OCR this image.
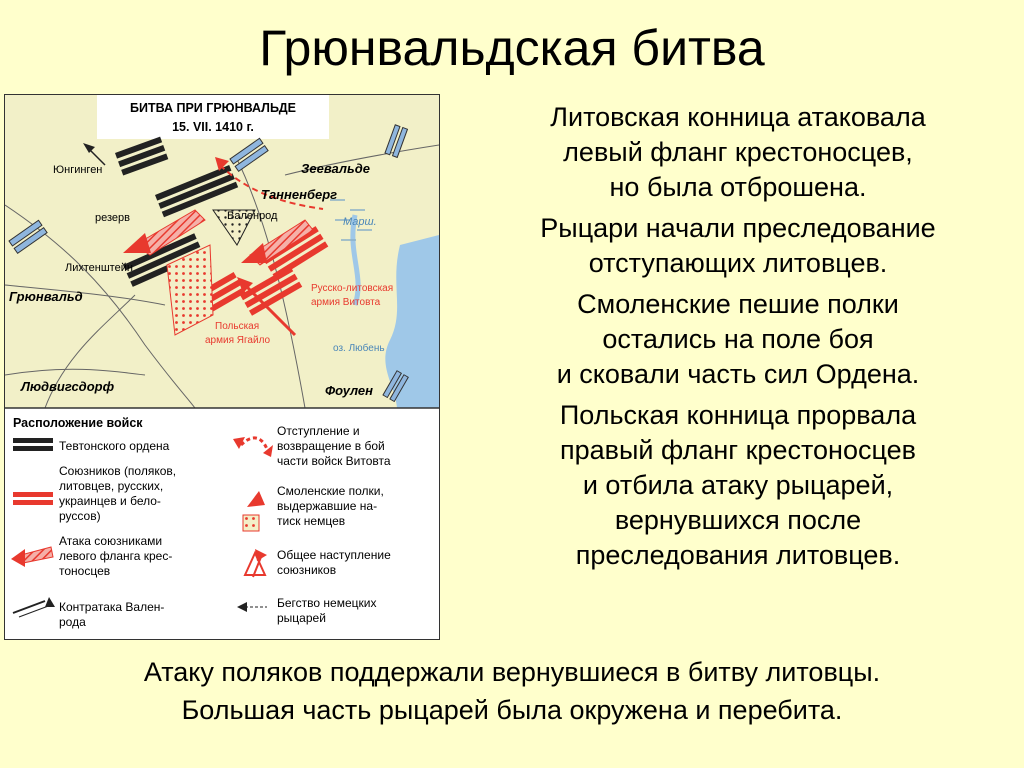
Грюнвальдская битва
БИТВА ПРИ ГРЮНВАЛЬДЕ
15. VII. 1410 г.
Юнгинген
резерв
Лихтенштейн
Грюнвальд
Людвигсдорф
Зеевальде
Танненберг
Валенрод	Марш.
Русско-литовская
армия Витовта
Польская
армия Ягайло
оз. Любень
Фоулен
Расположение войск
Тевтонского ордена
Союзников (поляков,
литовцев, русских,
украинцев и бело-
руссов)
Атака союзниками
левого фланга крес-
тоносцев
Контратака Вален-
рода
Отступление и
возвращение в бой
части войск Витовта
Смоленские полки,
выдержавшие на-
тиск немцев
Общее наступление
союзников
Бегство немецких
рыцарей

Литовская конница атаковала
левый фланг крестоносцев,
но была отброшена.

Рыцари начали преследование
отступающих литовцев.

Смоленские пешие полки
остались на поле боя
и сковали часть сил Ордена.

Польская конница прорвала
правый фланг крестоносцев
и отбила атаку рыцарей,
вернувшихся после
преследования литовцев.

Атаку поляков поддержали вернувшиеся в битву литовцы.
Большая часть рыцарей была окружена и перебита.
